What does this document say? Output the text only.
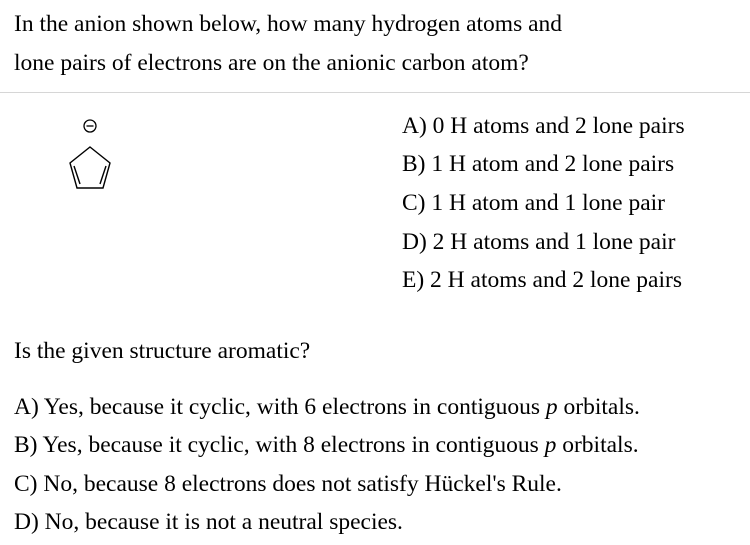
In the anion shown below, how many hydrogen atoms and
lone pairs of electrons are on the anionic carbon atom?
A) 0 H atoms and 2 lone pairs
B) 1 H atom and 2 lone pairs
C) 1 H atom and 1 lone pair
D) 2 H atoms and 1 lone pair
E) 2 H atoms and 2 lone pairs
Is the given structure aromatic?
A) Yes, because it cyclic, with 6 electrons in contiguous p orbitals.
B) Yes, because it cyclic, with 8 electrons in contiguous p orbitals.
C) No, because 8 electrons does not satisfy Hückel's Rule.
D) No, because it is not a neutral species.
